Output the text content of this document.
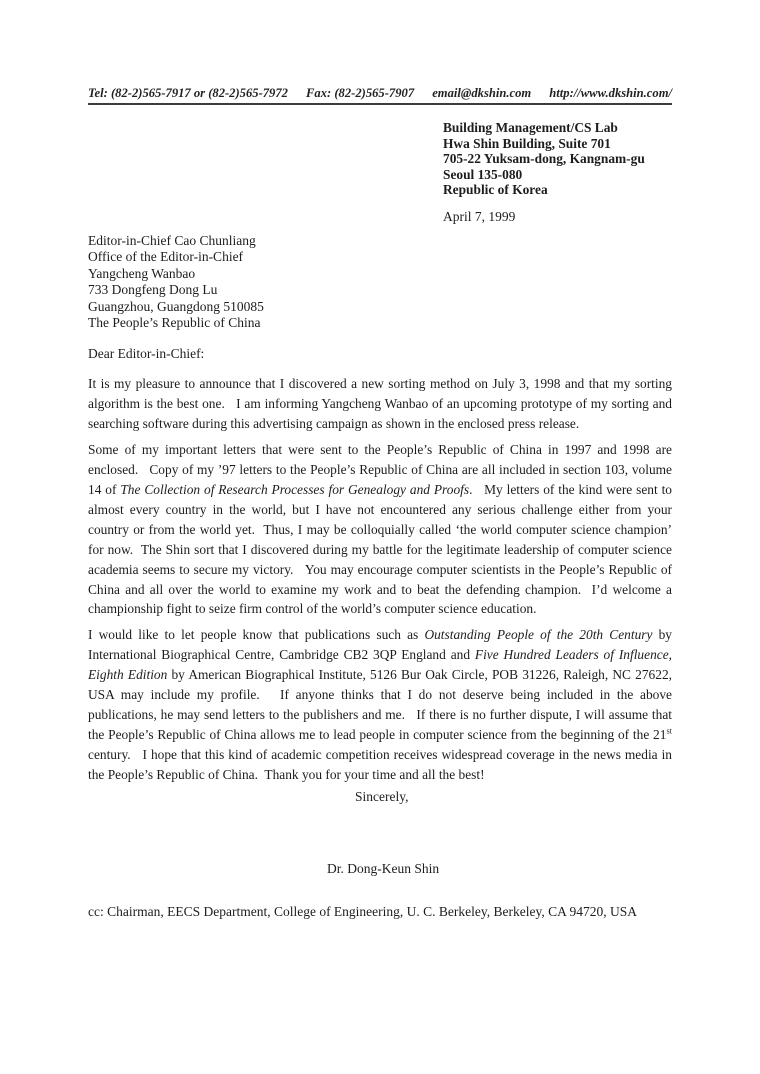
Tel: (82-2)565-7917 or (82-2)565-7972 Fax: (82-2)565-7907 email@dkshin.com http://www.dkshin.com/
Building Management/CS Lab
Hwa Shin Building, Suite 701
705-22 Yuksam-dong, Kangnam-gu
Seoul 135-080
Republic of Korea
April 7, 1999
Editor-in-Chief Cao Chunliang
Office of the Editor-in-Chief
Yangcheng Wanbao
733 Dongfeng Dong Lu
Guangzhou, Guangdong 510085
The People’s Republic of China
Dear Editor-in-Chief:

It is my pleasure to announce that I discovered a new sorting method on July 3, 1998 and that my sorting algorithm is the best one.   I am informing Yangcheng Wanbao of an upcoming prototype of my sorting and searching software during this advertising campaign as shown in the enclosed press release.

Some of my important letters that were sent to the People’s Republic of China in 1997 and 1998 are enclosed.   Copy of my ’97 letters to the People’s Republic of China are all included in section 103, volume 14 of The Collection of Research Processes for Genealogy and Proofs.   My letters of the kind were sent to almost every country in the world, but I have not encountered any serious challenge either from your country or from the world yet.  Thus, I may be colloquially called ‘the world computer science champion’ for now.  The Shin sort that I discovered during my battle for the legitimate leadership of computer science academia seems to secure my victory.   You may encourage computer scientists in the People’s Republic of China and all over the world to examine my work and to beat the defending champion.  I’d welcome a championship fight to seize firm control of the world’s computer science education.

I would like to let people know that publications such as Outstanding People of the 20th Century by International Biographical Centre, Cambridge CB2 3QP England and Five Hundred Leaders of Influence, Eighth Edition by American Biographical Institute, 5126 Bur Oak Circle, POB 31226, Raleigh, NC 27622, USA may include my profile.   If anyone thinks that I do not deserve being included in the above publications, he may send letters to the publishers and me.   If there is no further dispute, I will assume that the People’s Republic of China allows me to lead people in computer science from the beginning of the 21st century.   I hope that this kind of academic competition receives widespread coverage in the news media in the People’s Republic of China.  Thank you for your time and all the best!

Sincerely,
Dr. Dong-Keun Shin
cc: Chairman, EECS Department, College of Engineering, U. C. Berkeley, Berkeley, CA 94720, USA
